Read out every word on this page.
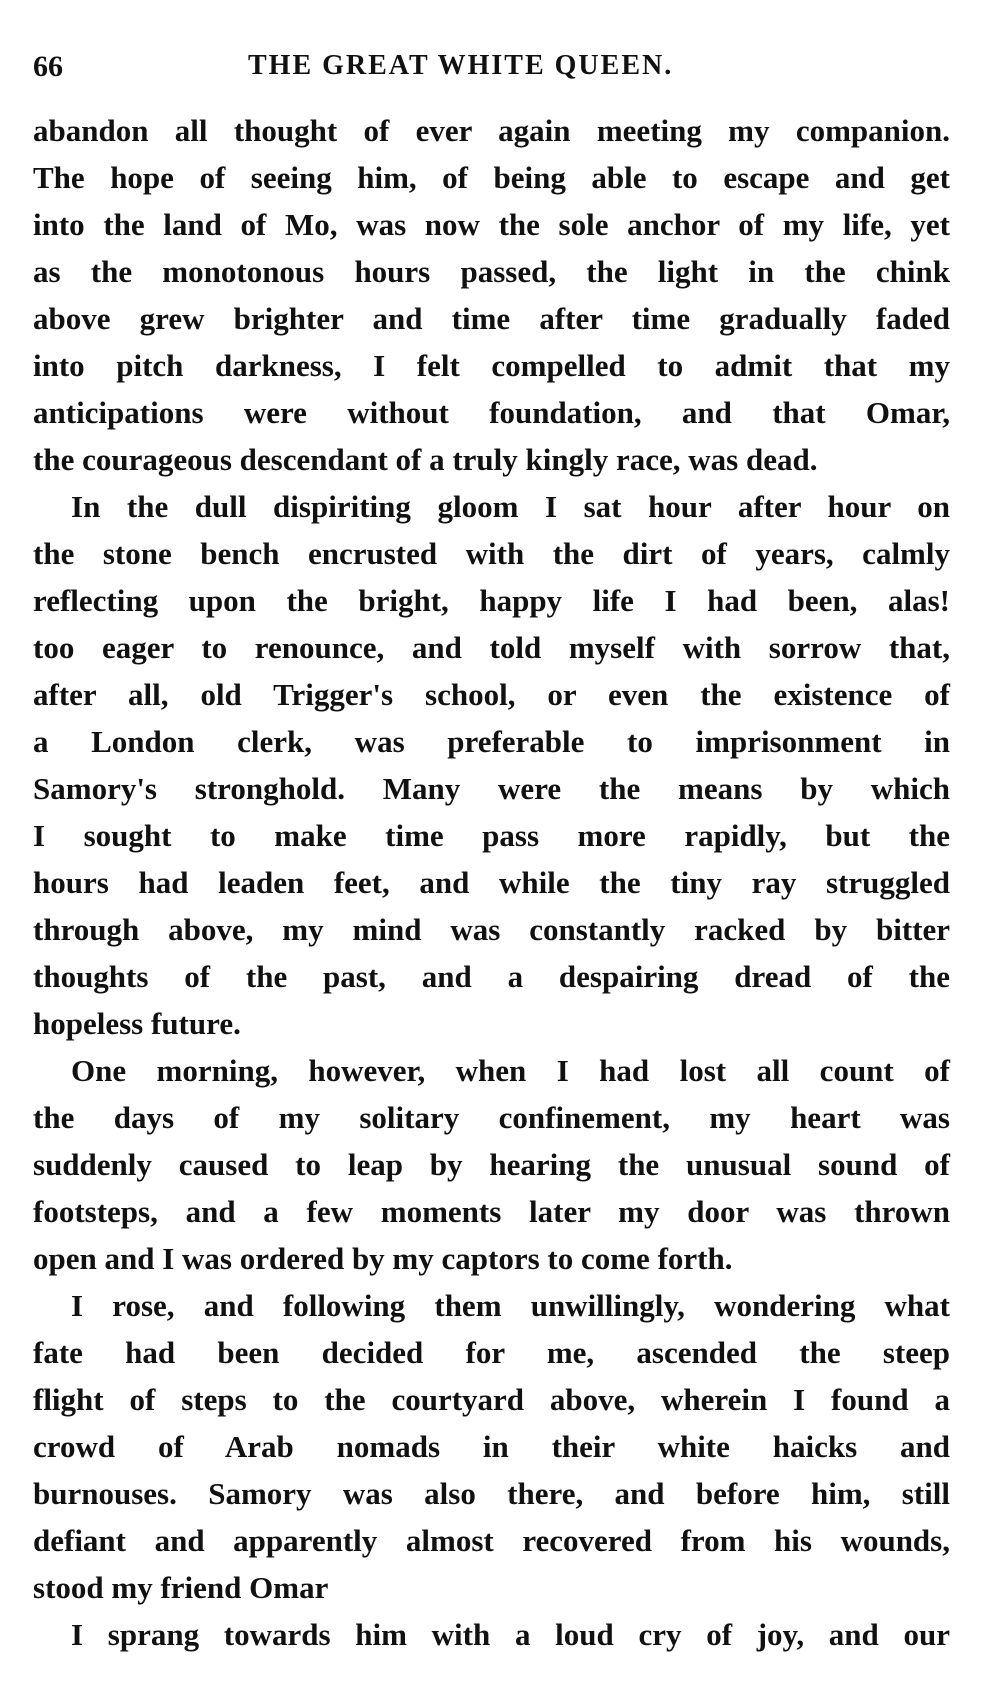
66	THE GREAT WHITE QUEEN.
abandon all thought of ever again meeting my companion.
The hope of seeing him, of being able to escape and get
into the land of Mo, was now the sole anchor of my life, yet
as the monotonous hours passed, the light in the chink
above grew brighter and time after time gradually faded
into pitch darkness, I felt compelled to admit that my
anticipations were without foundation, and that Omar,
the courageous descendant of a truly kingly race, was dead.
In the dull dispiriting gloom I sat hour after hour on
the stone bench encrusted with the dirt of years, calmly
reflecting upon the bright, happy life I had been, alas!
too eager to renounce, and told myself with sorrow that,
after all, old Trigger's school, or even the existence of
a London clerk, was preferable to imprisonment in
Samory's stronghold. Many were the means by which
I sought to make time pass more rapidly, but the
hours had leaden feet, and while the tiny ray struggled
through above, my mind was constantly racked by bitter
thoughts of the past, and a despairing dread of the
hopeless future.
One morning, however, when I had lost all count of
the days of my solitary confinement, my heart was
suddenly caused to leap by hearing the unusual sound of
footsteps, and a few moments later my door was thrown
open and I was ordered by my captors to come forth.
I rose, and following them unwillingly, wondering what
fate had been decided for me, ascended the steep
flight of steps to the courtyard above, wherein I found a
crowd of Arab nomads in their white haicks and
burnouses. Samory was also there, and before him, still
defiant and apparently almost recovered from his wounds,
stood my friend Omar
I sprang towards him with a loud cry of joy, and our
